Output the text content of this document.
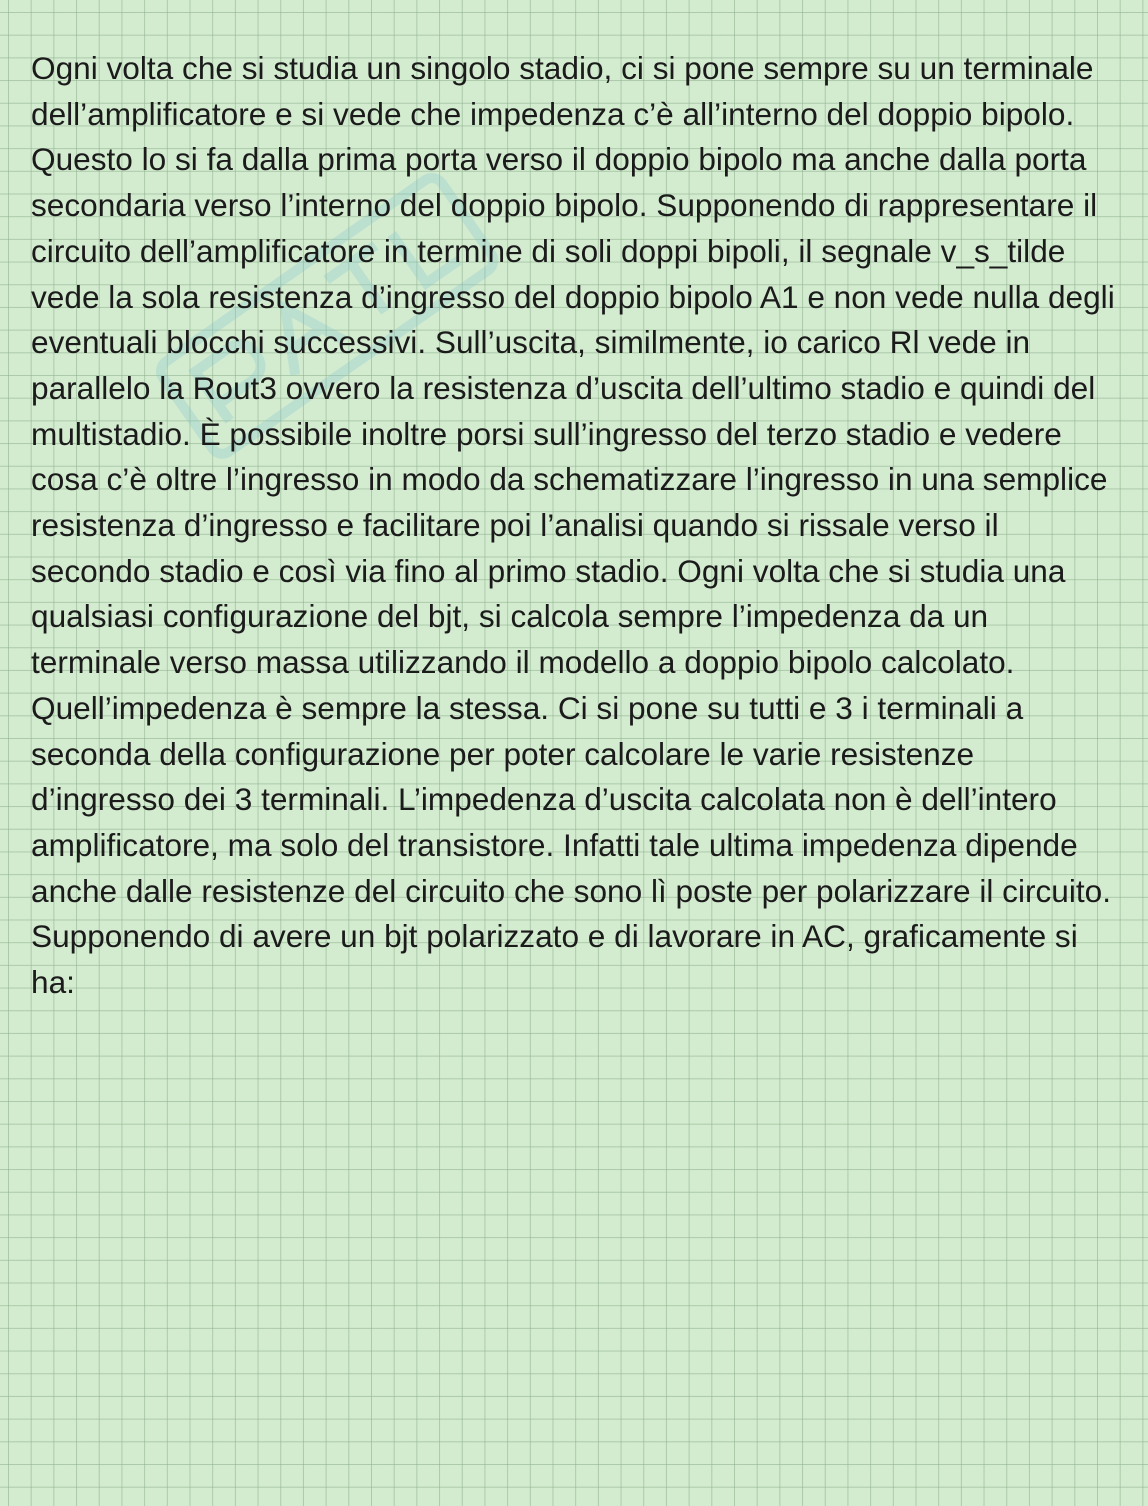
Ogni volta che si studia un singolo stadio, ci si pone sempre su un terminale dell’amplificatore e si vede che impedenza c’è all’interno del doppio bipolo. Questo lo si fa dalla prima porta verso il doppio bipolo ma anche dalla porta secondaria verso l’interno del doppio bipolo. Supponendo di rappresentare il circuito dell’amplificatore in termine di soli doppi bipoli, il segnale v_s_tilde vede la sola resistenza d’ingresso del doppio bipolo A1 e non vede nulla degli eventuali blocchi successivi. Sull’uscita, similmente, io carico Rl vede in parallelo la Rout3 ovvero la resistenza d’uscita dell’ultimo stadio e quindi del multistadio. È possibile inoltre porsi sull’ingresso del terzo stadio e vedere cosa c’è oltre l’ingresso in modo da schematizzare l’ingresso in una semplice resistenza d’ingresso e facilitare poi l’analisi quando si rissale verso il secondo stadio e così via fino al primo stadio. Ogni volta che si studia una qualsiasi configurazione del bjt, si calcola sempre l’impedenza da un terminale verso massa utilizzando il modello a doppio bipolo calcolato. Quell’impedenza è sempre la stessa. Ci si pone su tutti e 3 i terminali a seconda della configurazione per poter calcolare le varie resistenze d’ingresso dei 3 terminali. L’impedenza d’uscita calcolata non è dell’intero amplificatore, ma solo del transistore. Infatti tale ultima impedenza dipende anche dalle resistenze del circuito che sono lì poste per polarizzare il circuito. Supponendo di avere un bjt polarizzato e di lavorare in AC, graficamente si ha:
